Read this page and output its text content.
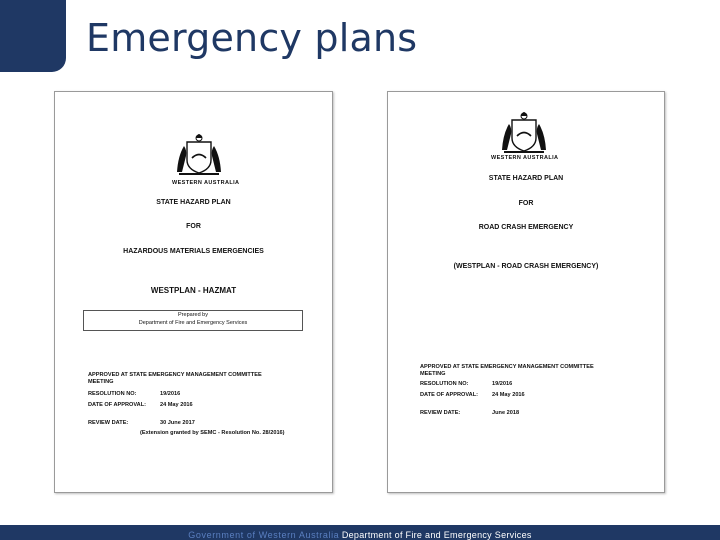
Emergency plans
WESTERN AUSTRALIA
STATE HAZARD PLAN
FOR
HAZARDOUS MATERIALS EMERGENCIES
WESTPLAN - HAZMAT
Prepared by
Department of Fire and Emergency Services
APPROVED AT STATE EMERGENCY MANAGEMENT COMMITTEE
MEETING
RESOLUTION NO:	19/2016
DATE OF APPROVAL: 24 May 2016
REVIEW DATE:	30 June 2017
(Extension granted by SEMC - Resolution No. 28/2016)
WESTERN AUSTRALIA
STATE HAZARD PLAN
FOR
ROAD CRASH EMERGENCY
(WESTPLAN - ROAD CRASH EMERGENCY)
APPROVED AT STATE EMERGENCY MANAGEMENT COMMITTEE
MEETING
RESOLUTION NO:	19/2016
DATE OF APPROVAL: 24 May 2016
REVIEW DATE:	June 2018
Government of Western Australia Department of Fire and Emergency Services
